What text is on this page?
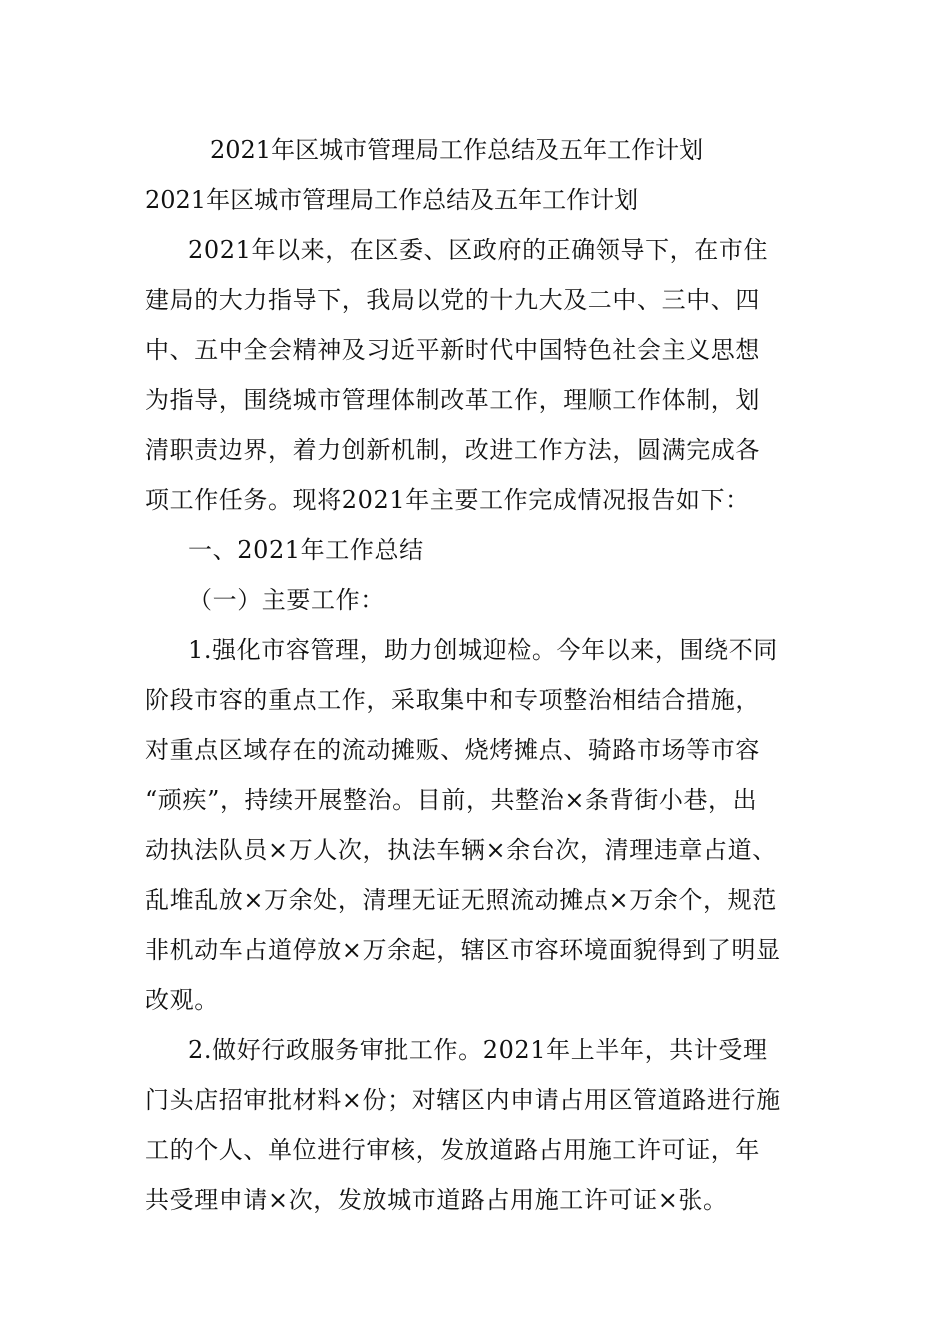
2021年区城市管理局工作总结及五年工作计划
2021年区城市管理局工作总结及五年工作计划
2021年以来，在区委、区政府的正确领导下，在市住
建局的大力指导下，我局以党的十九大及二中、三中、四
中、五中全会精神及习近平新时代中国特色社会主义思想
为指导，围绕城市管理体制改革工作，理顺工作体制，划
清职责边界，着力创新机制，改进工作方法，圆满完成各
项工作任务。现将2021年主要工作完成情况报告如下：
一、2021年工作总结
（一）主要工作：
1.强化市容管理，助力创城迎检。今年以来，围绕不同
阶段市容的重点工作，采取集中和专项整治相结合措施，
对重点区域存在的流动摊贩、烧烤摊点、骑路市场等市容
“顽疾”，持续开展整治。目前，共整治×条背街小巷，出
动执法队员×万人次，执法车辆×余台次，清理违章占道、
乱堆乱放×万余处，清理无证无照流动摊点×万余个，规范
非机动车占道停放×万余起，辖区市容环境面貌得到了明显
改观。
2.做好行政服务审批工作。2021年上半年，共计受理
门头店招审批材料×份；对辖区内申请占用区管道路进行施
工的个人、单位进行审核，发放道路占用施工许可证，年
共受理申请×次，发放城市道路占用施工许可证×张。
